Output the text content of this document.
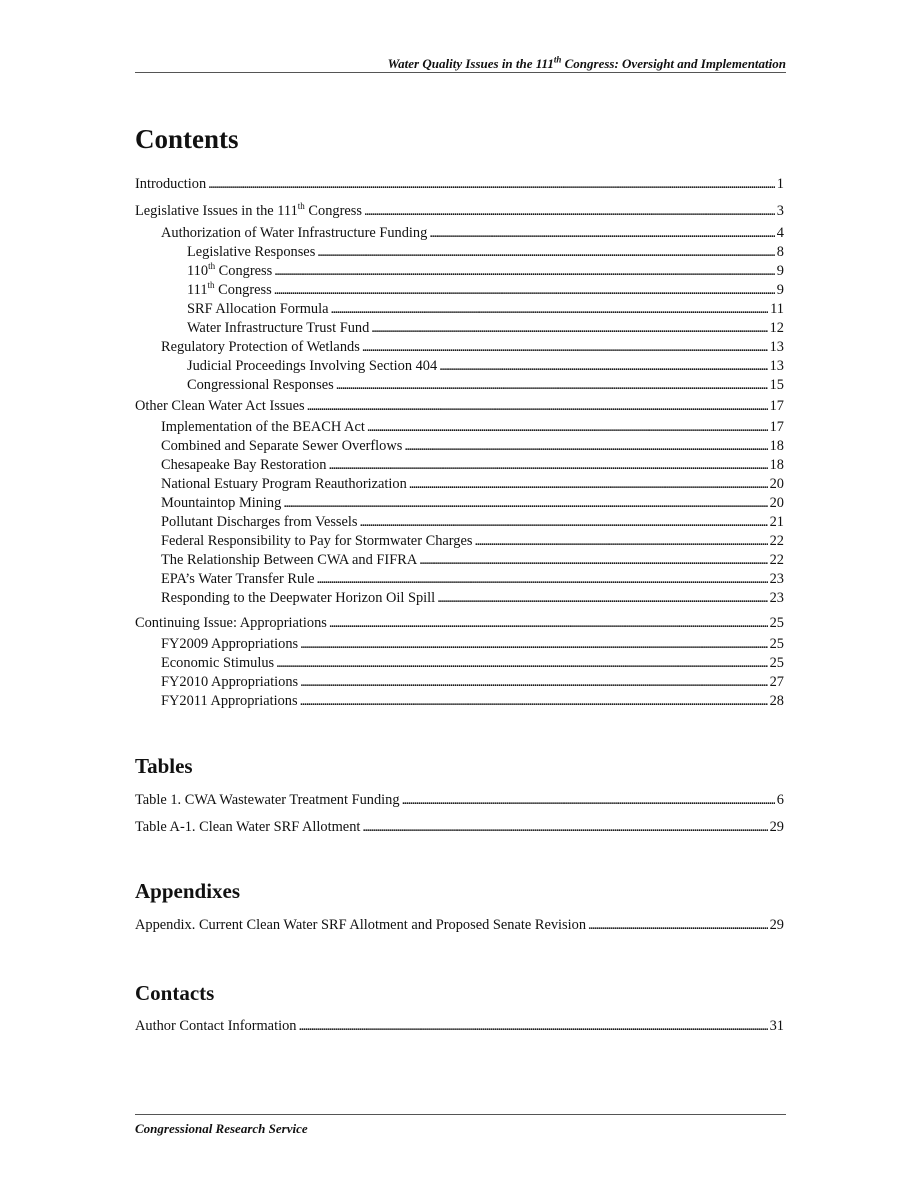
Water Quality Issues in the 111th Congress: Oversight and Implementation
Contents
Introduction . . .	1
Legislative Issues in the 111th Congress . . .	3
Authorization of Water Infrastructure Funding . . .	4
Legislative Responses . . .	8
110th Congress . . .	9
111th Congress . . .	9
SRF Allocation Formula . . .	11
Water Infrastructure Trust Fund . . .	12
Regulatory Protection of Wetlands . . .	13
Judicial Proceedings Involving Section 404 . . .	13
Congressional Responses . . .	15
Other Clean Water Act Issues . . .	17
Implementation of the BEACH Act . . .	17
Combined and Separate Sewer Overflows . . .	18
Chesapeake Bay Restoration . . .	18
National Estuary Program Reauthorization . . .	20
Mountaintop Mining . . .	20
Pollutant Discharges from Vessels . . .	21
Federal Responsibility to Pay for Stormwater Charges . . .	22
The Relationship Between CWA and FIFRA . . .	22
EPA’s Water Transfer Rule . . .	23
Responding to the Deepwater Horizon Oil Spill . . .	23
Continuing Issue: Appropriations . . .	25
FY2009 Appropriations . . .	25
Economic Stimulus . . .	25
FY2010 Appropriations . . .	27
FY2011 Appropriations . . .	28
Tables
Table 1. CWA Wastewater Treatment Funding . . .	6
Table A-1. Clean Water SRF Allotment . . .	29
Appendixes
Appendix. Current Clean Water SRF Allotment and Proposed Senate Revision . . .	29
Contacts
Author Contact Information . . .	31
Congressional Research Service
